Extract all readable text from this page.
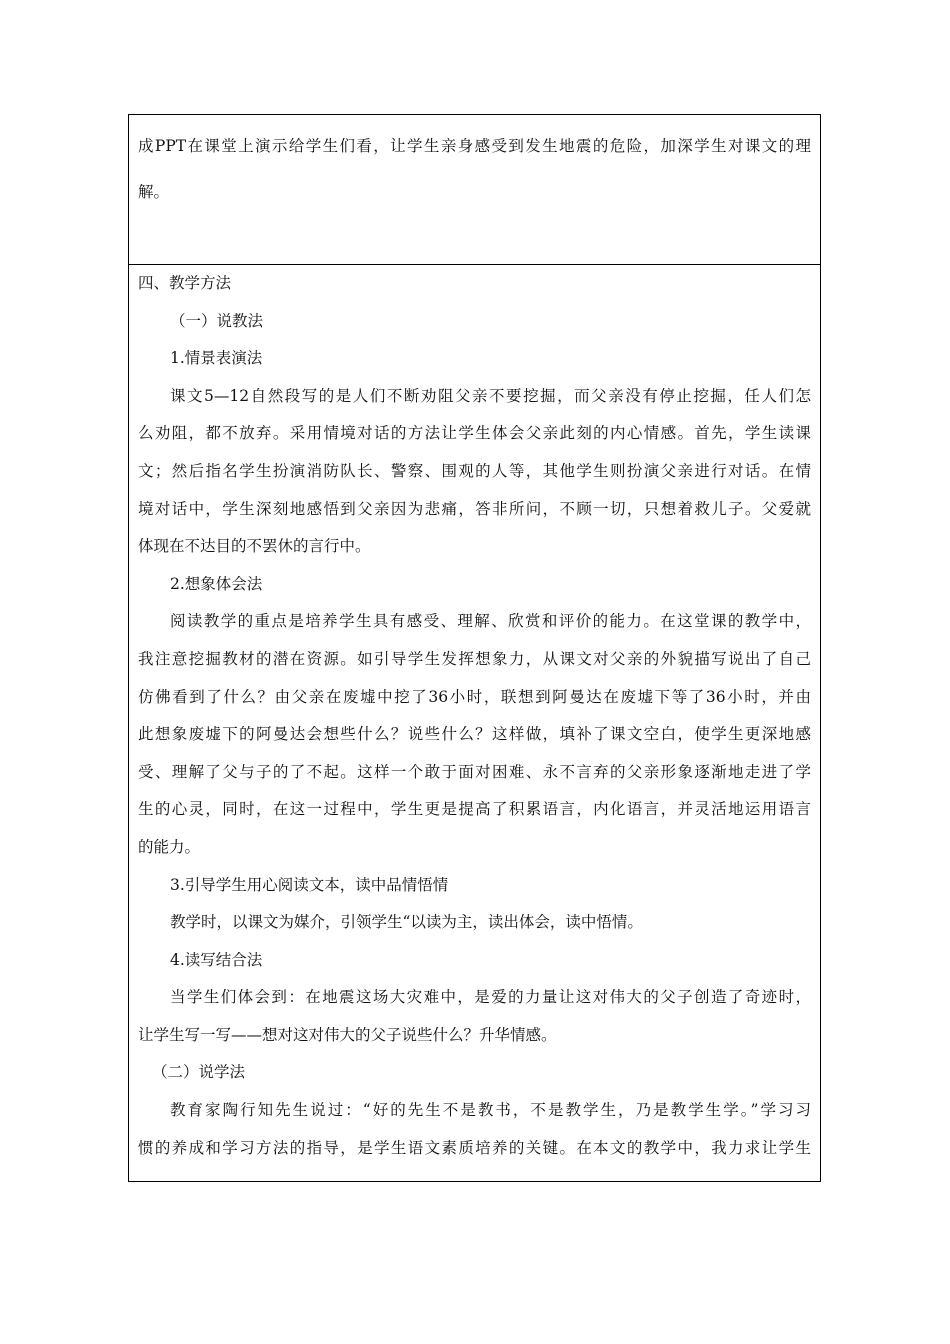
成PPT在课堂上演示给学生们看，让学生亲身感受到发生地震的危险，加深学生对课文的理
解。
四、教学方法
（一）说教法
1.情景表演法
课文5—12自然段写的是人们不断劝阻父亲不要挖掘，而父亲没有停止挖掘，任人们怎
么劝阻，都不放弃。采用情境对话的方法让学生体会父亲此刻的内心情感。首先，学生读课
文；然后指名学生扮演消防队长、警察、围观的人等，其他学生则扮演父亲进行对话。在情
境对话中，学生深刻地感悟到父亲因为悲痛，答非所问，不顾一切，只想着救儿子。父爱就
体现在不达目的不罢休的言行中。
2.想象体会法
阅读教学的重点是培养学生具有感受、理解、欣赏和评价的能力。在这堂课的教学中，
我注意挖掘教材的潜在资源。如引导学生发挥想象力，从课文对父亲的外貌描写说出了自己
仿佛看到了什么？由父亲在废墟中挖了36小时，联想到阿曼达在废墟下等了36小时，并由
此想象废墟下的阿曼达会想些什么？说些什么？这样做，填补了课文空白，使学生更深地感
受、理解了父与子的了不起。这样一个敢于面对困难、永不言弃的父亲形象逐渐地走进了学
生的心灵，同时，在这一过程中，学生更是提高了积累语言，内化语言，并灵活地运用语言
的能力。
3.引导学生用心阅读文本，读中品情悟情
教学时，以课文为媒介，引领学生“以读为主，读出体会，读中悟情。
4.读写结合法
当学生们体会到：在地震这场大灾难中，是爱的力量让这对伟大的父子创造了奇迹时，
让学生写一写——想对这对伟大的父子说些什么？升华情感。
（二）说学法
教育家陶行知先生说过：“好的先生不是教书，不是教学生，乃是教学生学。”学习习
惯的养成和学习方法的指导，是学生语文素质培养的关键。在本文的教学中，我力求让学生
